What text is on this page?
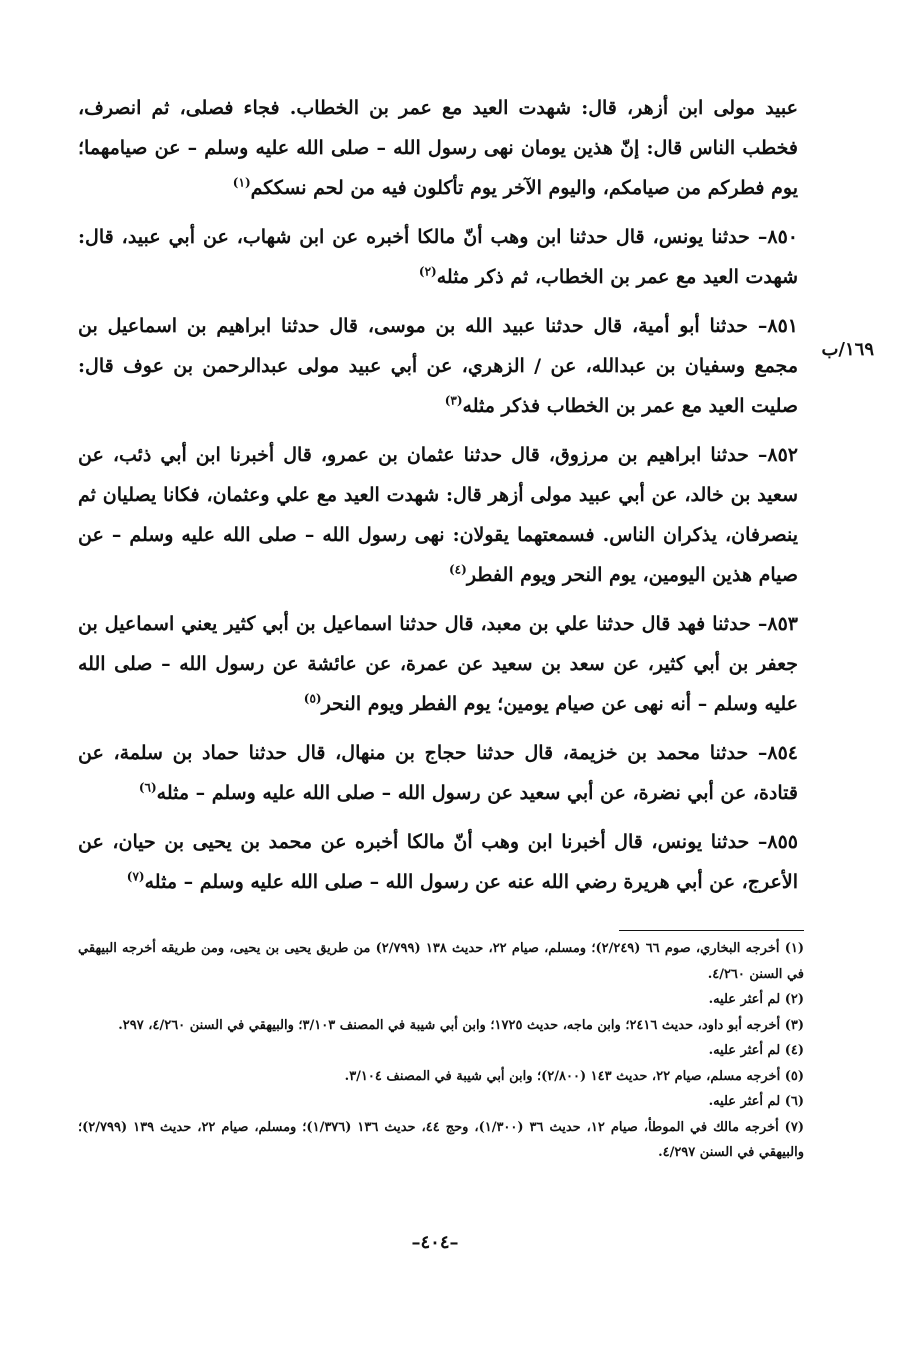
عبيد مولى ابن أزهر، قال: شهدت العيد مع عمر بن الخطاب. فجاء فصلى، ثم انصرف، فخطب الناس قال: إنّ هذين يومان نهى رسول الله – صلى الله عليه وسلم – عن صيامهما؛ يوم فطركم من صيامكم، واليوم الآخر يوم تأكلون فيه من لحم نسككم$^{(١)}$

٨٥٠– حدثنا يونس، قال حدثنا ابن وهب أنّ مالكا أخبره عن ابن شهاب، عن أبي عبيد، قال: شهدت العيد مع عمر بن الخطاب، ثم ذكر مثله$^{(٢)}$

٨٥١– حدثنا أبو أمية، قال حدثنا عبيد الله بن موسى، قال حدثنا ابراهيم بن اسماعيل بن مجمع وسفيان بن عبدالله، عن / الزهري، عن أبي عبيد مولى عبدالرحمن بن عوف قال: صليت العيد مع عمر بن الخطاب فذكر مثله$^{(٣)}$

٨٥٢– حدثنا ابراهيم بن مرزوق، قال حدثنا عثمان بن عمرو، قال أخبرنا ابن أبي ذئب، عن سعيد بن خالد، عن أبي عبيد مولى أزهر قال: شهدت العيد مع علي وعثمان، فكانا يصليان ثم ينصرفان، يذكران الناس. فسمعتهما يقولان: نهى رسول الله – صلى الله عليه وسلم – عن صيام هذين اليومين، يوم النحر ويوم الفطر$^{(٤)}$

٨٥٣– حدثنا فهد قال حدثنا علي بن معبد، قال حدثنا اسماعيل بن أبي كثير يعني اسماعيل بن جعفر بن أبي كثير، عن سعد بن سعيد عن عمرة، عن عائشة عن رسول الله – صلى الله عليه وسلم – أنه نهى عن صيام يومين؛ يوم الفطر ويوم النحر$^{(٥)}$

٨٥٤– حدثنا محمد بن خزيمة، قال حدثنا حجاج بن منهال، قال حدثنا حماد بن سلمة، عن قتادة، عن أبي نضرة، عن أبي سعيد عن رسول الله – صلى الله عليه وسلم – مثله$^{(٦)}$

٨٥٥– حدثنا يونس، قال أخبرنا ابن وهب أنّ مالكا أخبره عن محمد بن يحيى بن حيان، عن الأعرج، عن أبي هريرة رضي الله عنه عن رسول الله – صلى الله عليه وسلم – مثله$^{(٧)}$

١٦٩/ب

(١) أخرجه البخاري، صوم ٦٦ (٢/٢٤٩)؛ ومسلم، صيام ٢٢، حديث ١٣٨ (٢/٧٩٩) من طريق يحيى بن يحيى، ومن طريقه أخرجه البيهقي في السنن ٤/٢٦٠.

(٢) لم أعثر عليه.

(٣) أخرجه أبو داود، حديث ٢٤١٦؛ وابن ماجه، حديث ١٧٢٥؛ وابن أبي شيبة في المصنف ٣/١٠٣؛ والبيهقي في السنن ٤/٢٦٠، ٢٩٧.

(٤) لم أعثر عليه.

(٥) أخرجه مسلم، صيام ٢٢، حديث ١٤٣ (٢/٨٠٠)؛ وابن أبي شيبة في المصنف ٣/١٠٤.

(٦) لم أعثر عليه.

(٧) أخرجه مالك في الموطأ، صيام ١٢، حديث ٣٦ (١/٣٠٠)، وحج ٤٤، حديث ١٣٦ (١/٣٧٦)؛ ومسلم، صيام ٢٢، حديث ١٣٩ (٢/٧٩٩)؛ والبيهقي في السنن ٤/٢٩٧.

–٤٠٤–
